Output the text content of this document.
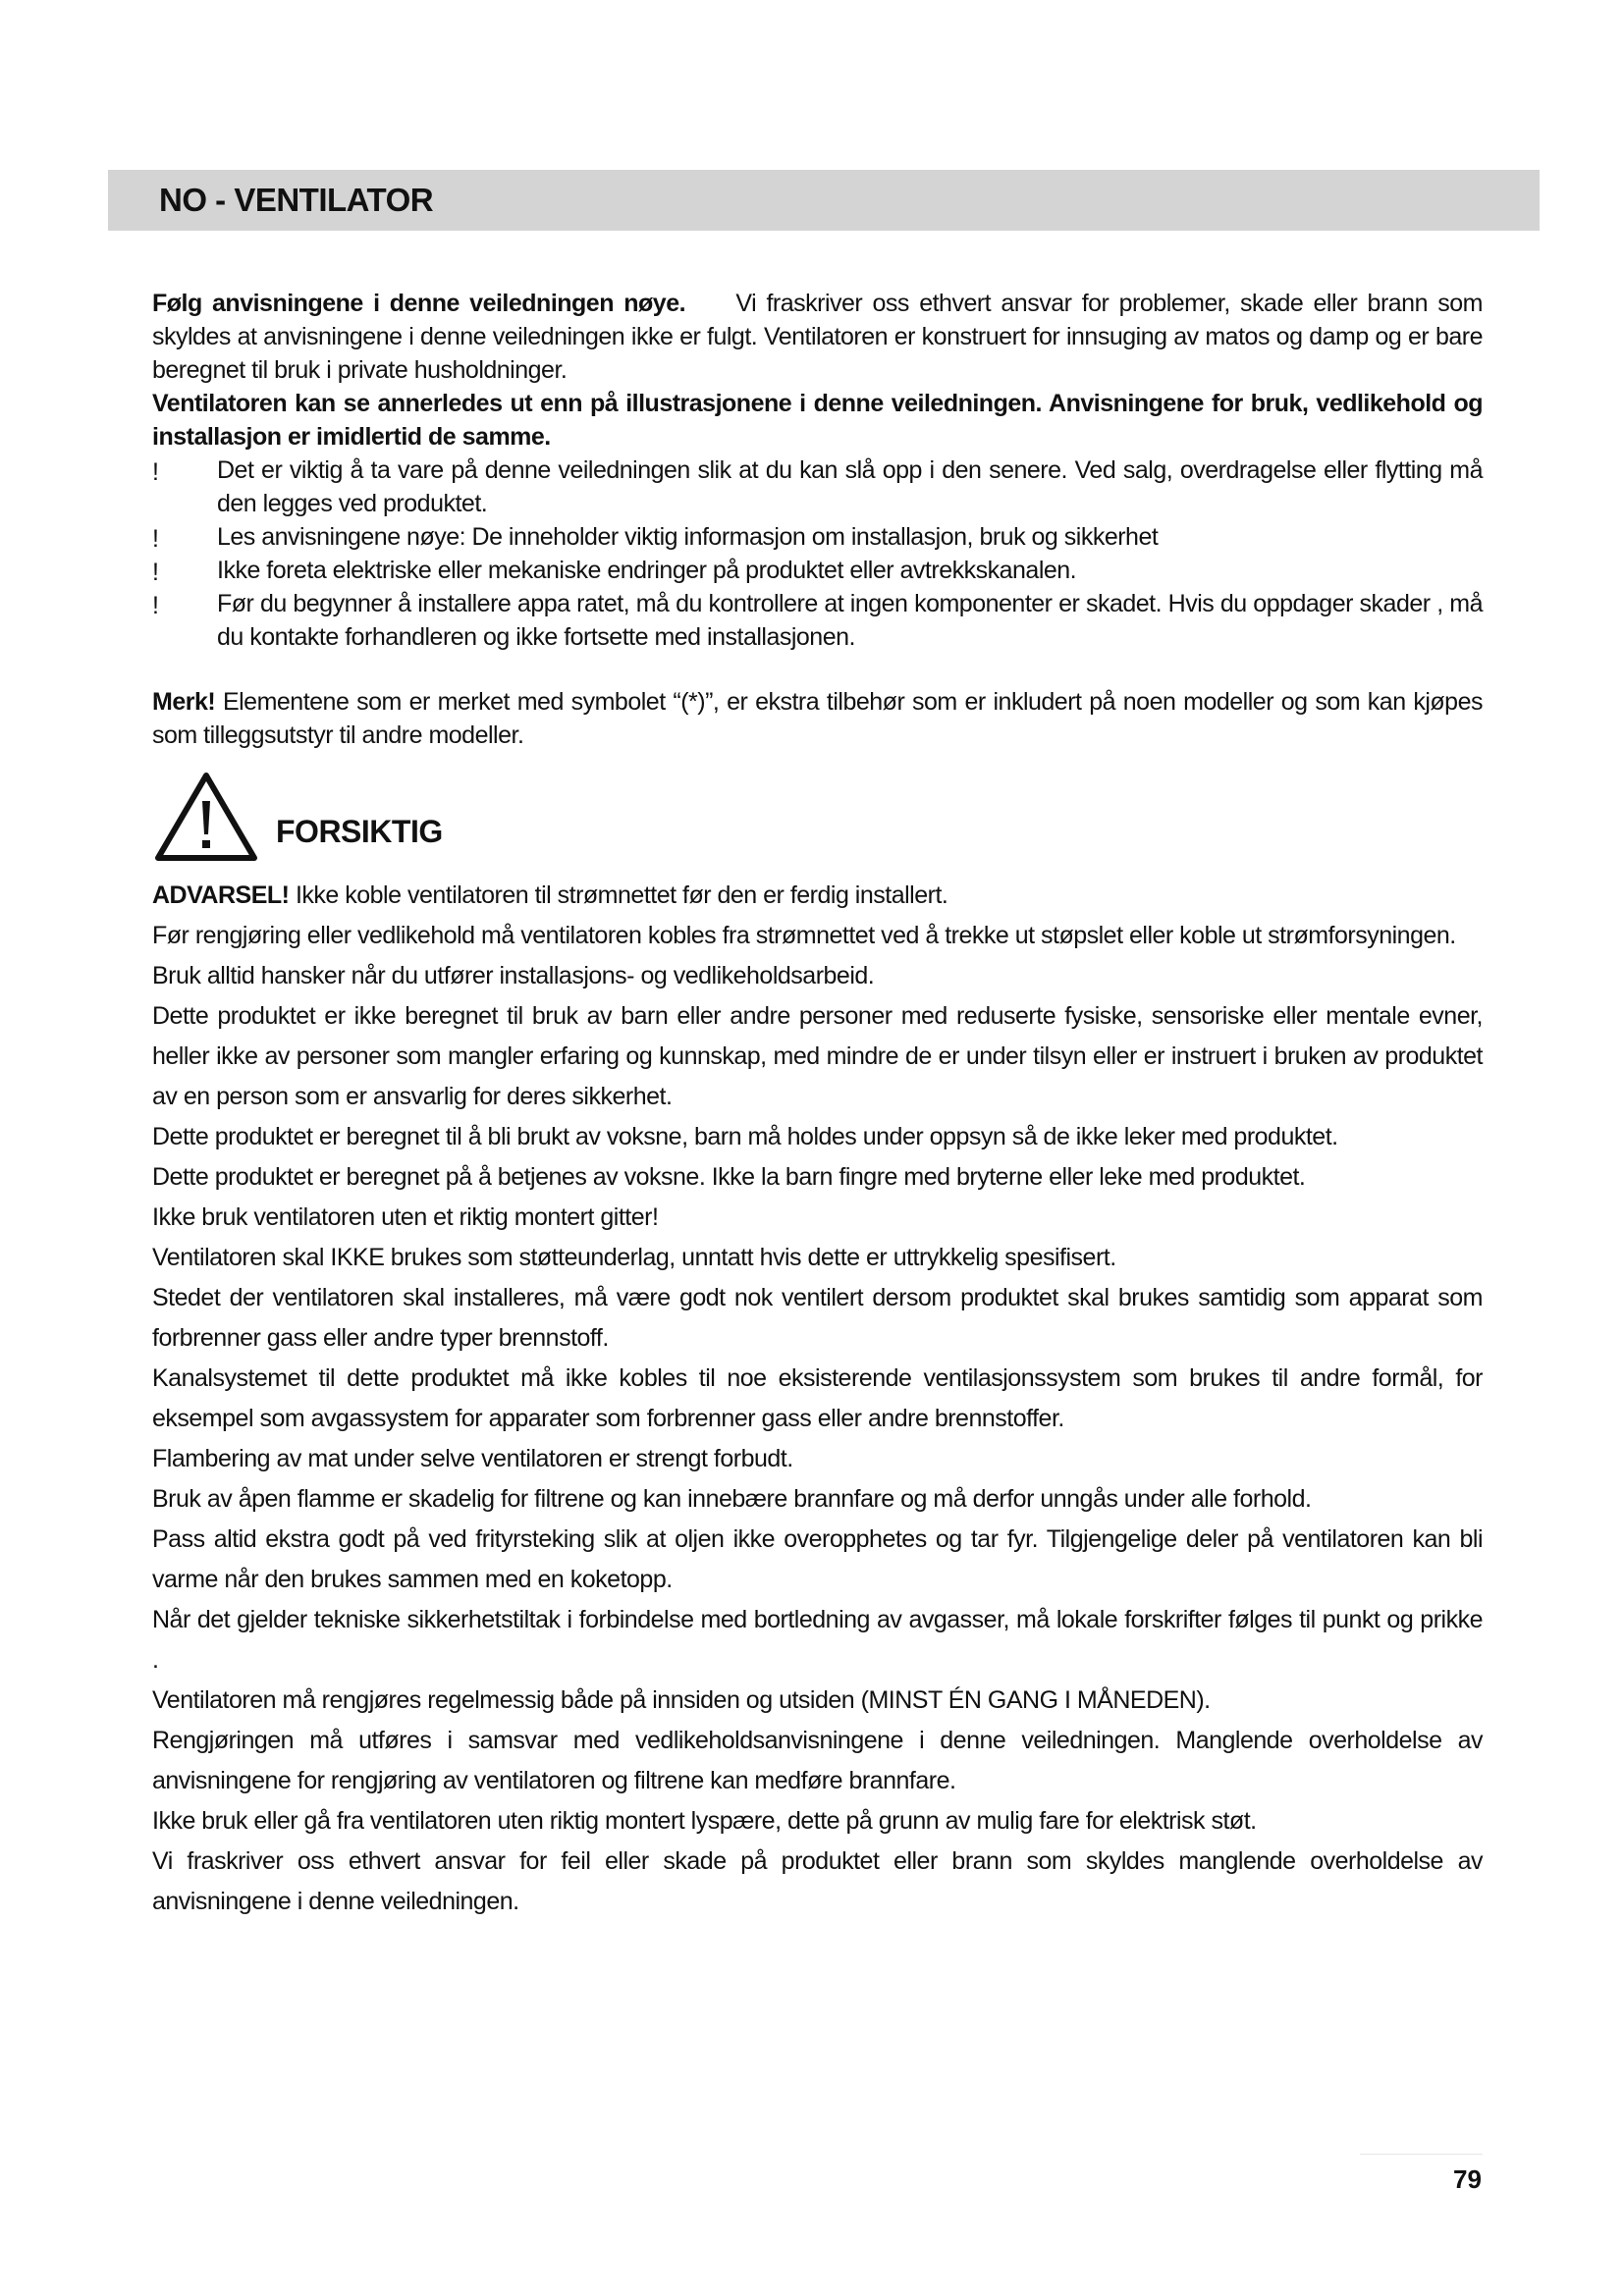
NO - VENTILATOR

Følg anvisningene i denne veiledningen nøye. Vi fraskriver oss ethvert ansvar for problemer, skade eller brann som skyldes at anvisningene i denne veiledningen ikke er fulgt. Ventilatoren er konstruert for innsuging av matos og damp og er bare beregnet til bruk i private husholdninger.

Ventilatoren kan se annerledes ut enn på illustrasjonene i denne veiledningen. Anvisningene for bruk, vedlikehold og installasjon er imidlertid de samme.

! Det er viktig å ta vare på denne veiledningen slik at du kan slå opp i den senere. Ved salg, overdragelse eller flytting må den legges ved produktet.
! Les anvisningene nøye: De inneholder viktig informasjon om installasjon, bruk og sikkerhet
! Ikke foreta elektriske eller mekaniske endringer på produktet eller avtrekkskanalen.
! Før du begynner å installere appa ratet, må du kontrollere at ingen komponenter er skadet. Hvis du oppdager skader , må du kontakte forhandleren og ikke fortsette med installasjonen.

Merk! Elementene som er merket med symbolet “(*)”, er ekstra tilbehør som er inkludert på noen modeller og som kan kjøpes som tilleggsutstyr til andre modeller.

FORSIKTIG

ADVARSEL! Ikke koble ventilatoren til strømnettet før den er ferdig installert.

Før rengjøring eller vedlikehold må ventilatoren kobles fra strømnettet ved å trekke ut støpslet eller koble ut strømforsyningen.

Bruk alltid hansker når du utfører installasjons- og vedlikeholdsarbeid.

Dette produktet er ikke beregnet til bruk av barn eller andre personer med reduserte fysiske, sensoriske eller mentale evner, heller ikke av personer som mangler erfaring og kunnskap, med mindre de er under tilsyn eller er instruert i bruken av produktet av en person som er ansvarlig for deres sikkerhet.

Dette produktet er beregnet til å bli brukt av voksne, barn må holdes under oppsyn så de ikke leker med produktet.

Dette produktet er beregnet på å betjenes av voksne. Ikke la barn fingre med bryterne eller leke med produktet.

Ikke bruk ventilatoren uten et riktig montert gitter!

Ventilatoren skal IKKE brukes som støtteunderlag, unntatt hvis dette er uttrykkelig spesifisert.

Stedet der ventilatoren skal installeres, må være godt nok ventilert dersom produktet skal brukes samtidig som apparat som forbrenner gass eller andre typer brennstoff.

Kanalsystemet til dette produktet må ikke kobles til noe eksisterende ventilasjonssystem som brukes til andre formål, for eksempel som avgassystem for apparater som forbrenner gass eller andre brennstoffer.

Flambering av mat under selve ventilatoren er strengt forbudt.

Bruk av åpen flamme er skadelig for filtrene og kan innebære brannfare og må derfor unngås under alle forhold.

Pass altid ekstra godt på ved frityrsteking slik at oljen ikke overopphetes og tar fyr. Tilgjengelige deler på ventilatoren kan bli varme når den brukes sammen med en koketopp.

Når det gjelder tekniske sikkerhetstiltak i forbindelse med bortledning av avgasser, må lokale forskrifter følges til punkt og prikke .

Ventilatoren må rengjøres regelmessig både på innsiden og utsiden (MINST ÉN GANG I MÅNEDEN).

Rengjøringen må utføres i samsvar med vedlikeholdsanvisningene i denne veiledningen. Manglende overholdelse av anvisningene for rengjøring av ventilatoren og filtrene kan medføre brannfare.

Ikke bruk eller gå fra ventilatoren uten riktig montert lyspære, dette på grunn av mulig fare for elektrisk støt.

Vi fraskriver oss ethvert ansvar for feil eller skade på produktet eller brann som skyldes manglende overholdelse av anvisningene i denne veiledningen.

79
